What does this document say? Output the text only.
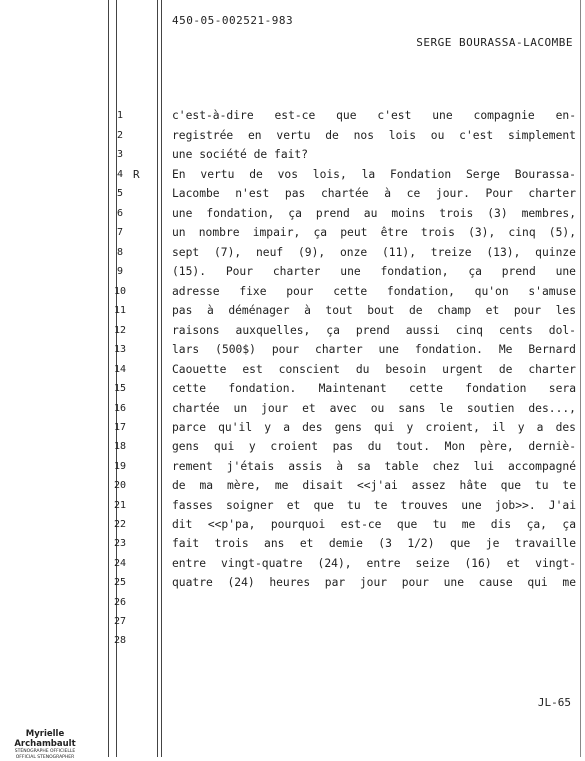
450-05-002521-983
SERGE BOURASSA-LACOMBE
1
2
3
4
5
6
7
8
9
10
11
12
13
14
15
16
17
18
19
20
21
22
23
24
25
26
27
28
R
c'est-à-dire est-ce que c'est une compagnie en-
registrée en vertu de nos lois ou c'est simplement
une société de fait?
En vertu de vos lois, la Fondation Serge Bourassa-
Lacombe n'est pas chartée à ce jour. Pour charter
une fondation, ça prend au moins trois (3) membres,
un nombre impair, ça peut être trois (3), cinq (5),
sept (7), neuf (9), onze (11), treize (13), quinze
(15). Pour charter une fondation, ça prend une
adresse fixe pour cette fondation, qu'on s'amuse
pas à déménager à tout bout de champ et pour les
raisons auxquelles, ça prend aussi cinq cents dol-
lars (500$) pour charter une fondation. Me Bernard
Caouette est conscient du besoin urgent de charter
cette fondation. Maintenant cette fondation sera
chartée un jour et avec ou sans le soutien des...,
parce qu'il y a des gens qui y croient, il y a des
gens qui y croient pas du tout. Mon père, derniè-
rement j'étais assis à sa table chez lui accompagné
de ma mère, me disait <<j'ai assez hâte que tu te
fasses soigner et que tu te trouves une job>>. J'ai
dit <<p'pa, pourquoi est-ce que tu me dis ça, ça
fait trois ans et demie (3 1/2) que je travaille
entre vingt-quatre (24), entre seize (16) et vingt-
quatre (24) heures par jour pour une cause qui me
JL-65
Myrielle Archambault
STÉNOGRAPHE OFFICIELLE
OFFICIAL STENOGRAPHER
